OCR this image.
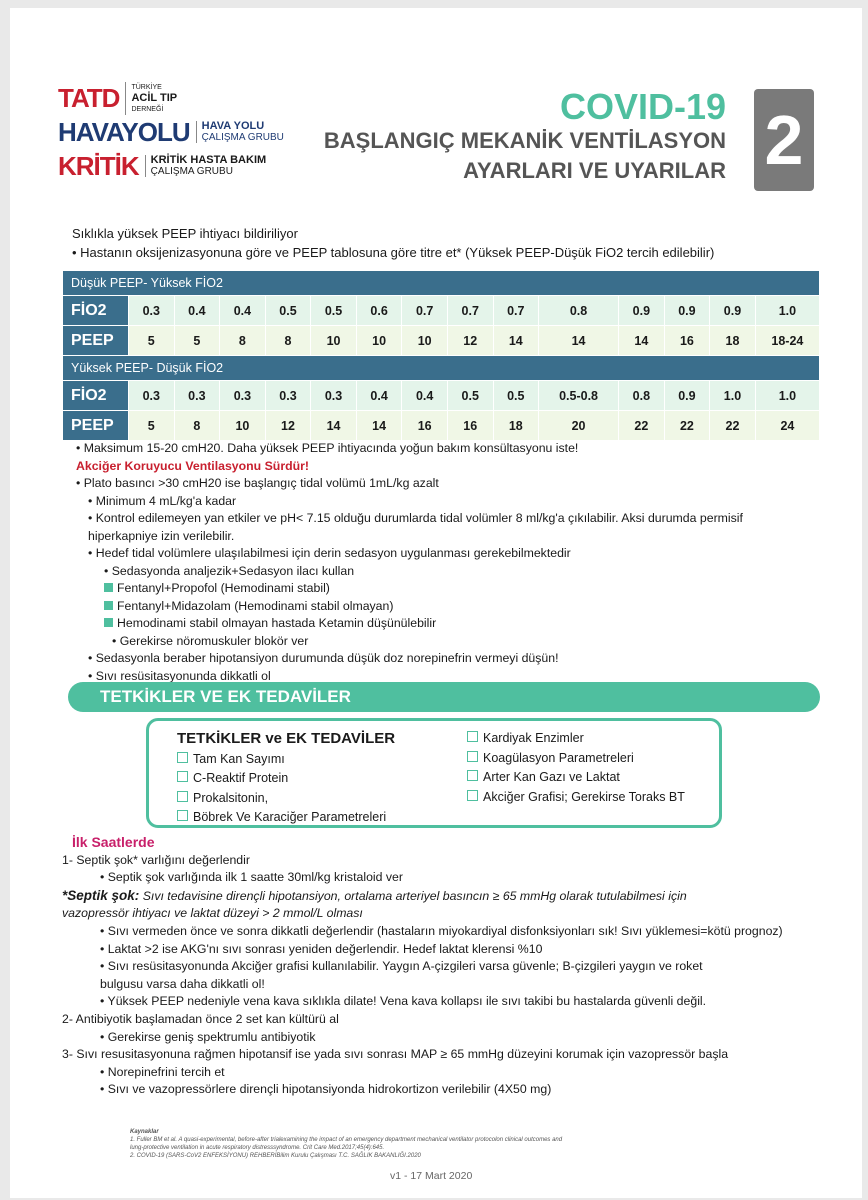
TATD TÜRKİYE
ACİL TIP
DERNEĞİ
HAVAYOLU HAVA YOLU
ÇALIŞMA GRUBU
KRİTİK KRİTİK HASTA BAKIM
ÇALIŞMA GRUBU
COVID-19
BAŞLANGIÇ MEKANİK VENTİLASYON
AYARLARI VE UYARILAR 2
Sıklıkla yüksek PEEP ihtiyacı bildiriliyor
• Hastanın oksijenizasyonuna göre ve PEEP tablosuna göre titre et* (Yüksek PEEP-Düşük FiO2 tercih edilebilir)
Düşük PEEP- Yüksek FİO2														
FİO2	0.3	0.4	0.4	0.5	0.5	0.6	0.7	0.7	0.7	0.8	0.9	0.9	0.9	1.0
PEEP	5	5	8	8	10	10	10	12	14	14	14	16	18	18-24
Yüksek PEEP- Düşük FİO2														
FİO2	0.3	0.3	0.3	0.3	0.3	0.4	0.4	0.5	0.5	0.5-0.8	0.8	0.9	1.0	1.0
PEEP	5	8	10	12	14	14	16	16	18	20	22	22	22	24

• Maksimum 15-20 cmH20. Daha yüksek PEEP ihtiyacında yoğun bakım konsültasyonu iste!

Akciğer Koruyucu Ventilasyonu Sürdür!

• Plato basıncı >30 cmH20 ise başlangıç tidal volümü 1mL/kg azalt

• Minimum 4 mL/kg'a kadar

• Kontrol edilemeyen yan etkiler ve pH< 7.15 olduğu durumlarda tidal volümler 8 ml/kg'a çıkılabilir. Aksi durumda permisif

hiperkapniye izin verilebilir.

• Hedef tidal volümlere ulaşılabilmesi için derin sedasyon uygulanması gerekebilmektedir

• Sedasyonda analjezik+Sedasyon ilacı kullan

Fentanyl+Propofol (Hemodinami stabil)

Fentanyl+Midazolam (Hemodinami stabil olmayan)

Hemodinami stabil olmayan hastada Ketamin düşünülebilir

• Gerekirse nöromuskuler blokör ver

• Sedasyonla beraber hipotansiyon durumunda düşük doz norepinefrin vermeyi düşün!

• Sıvı resüsitasyonunda dikkatli ol

TETKİKLER VE EK TEDAVİLER
TETKİKLER ve EK TEDAVİLER
Tam Kan Sayımı
C-Reaktif Protein
Prokalsitonin,
Böbrek Ve Karaciğer Parametreleri
Kardiyak Enzimler
Koagülasyon Parametreleri
Arter Kan Gazı ve Laktat
Akciğer Grafisi; Gerekirse Toraks BT

İlk Saatlerde

1- Septik şok* varlığını değerlendir

• Septik şok varlığında ilk 1 saatte 30ml/kg kristaloid ver

*Septik şok: Sıvı tedavisine dirençli hipotansiyon, ortalama arteriyel basıncın ≥ 65 mmHg olarak tutulabilmesi için

vazopressör ihtiyacı ve laktat düzeyi > 2 mmol/L olması

• Sıvı vermeden önce ve sonra dikkatli değerlendir (hastaların miyokardiyal disfonksiyonları sık! Sıvı yüklemesi=kötü prognoz)

• Laktat >2 ise AKG'nı sıvı sonrası yeniden değerlendir. Hedef laktat klerensi %10

• Sıvı resüsitasyonunda Akciğer grafisi kullanılabilir. Yaygın A-çizgileri varsa güvenle; B-çizgileri yaygın ve roket

bulgusu varsa daha dikkatli ol!

• Yüksek PEEP nedeniyle vena kava sıklıkla dilate! Vena kava kollapsı ile sıvı takibi bu hastalarda güvenli değil.

2- Antibiyotik başlamadan önce 2 set kan kültürü al

• Gerekirse geniş spektrumlu antibiyotik

3- Sıvı resusitasyonuna rağmen hipotansif ise yada sıvı sonrası MAP ≥ 65 mmHg düzeyini korumak için vazopressör başla

• Norepinefrini tercih et

• Sıvı ve vazopressörlere dirençli hipotansiyonda hidrokortizon verilebilir (4X50 mg)

Kaynaklar
1. Fuller BM et al. A quasi-experimental, before-after trialexamining the impact of an emergency department mechanical ventilator protocolon clinical outcomes and
lung-protective ventilation in acute respiratory distresssyndrome. Crit Care Med.2017;45(4):645.
2. COVID-19 (SARS-CoV2 ENFEKSİYONU) REHBERİBilim Kurulu Çalışması T.C. SAĞLIK BAKANLIĞI.2020
v1 - 17 Mart 2020
